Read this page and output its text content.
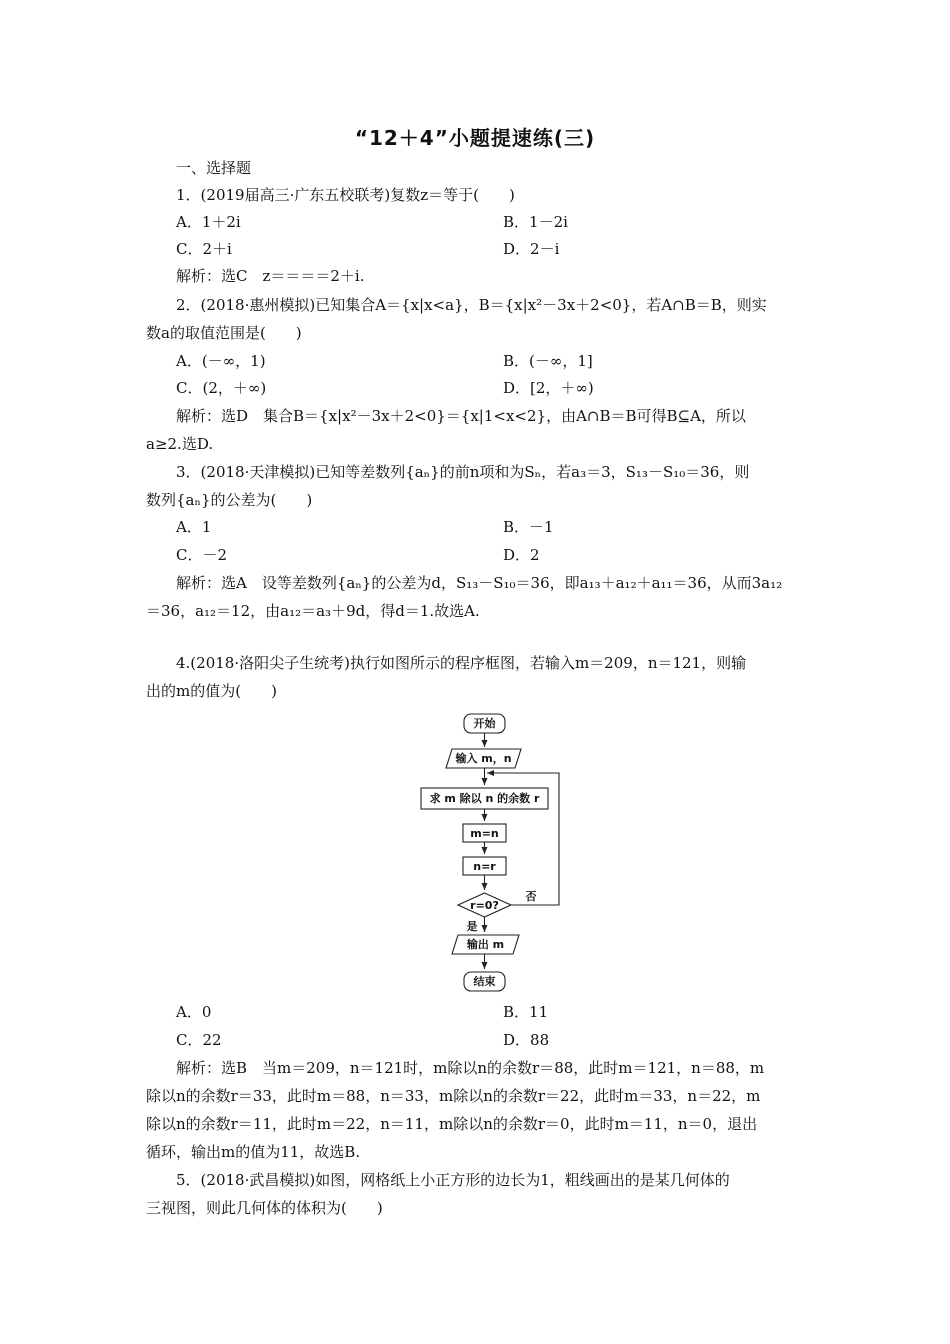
“12＋4”小题提速练(三)
一、选择题
1．(2019届高三·广东五校联考)复数z＝等于(　　)
A．1＋2i	B．1－2i
C．2＋i	D．2－i
解析：选C　z＝＝＝＝2＋i.
2．(2018·惠州模拟)已知集合A＝{x|x<a}，B＝{x|x²－3x＋2<0}，若A∩B＝B，则实
数a的取值范围是(　　)
A．(－∞，1)	B．(－∞，1]
C．(2，＋∞)	D．[2，＋∞)
解析：选D　集合B＝{x|x²－3x＋2<0}＝{x|1<x<2}，由A∩B＝B可得B⊆A，所以
a≥2.选D.
3．(2018·天津模拟)已知等差数列{aₙ}的前n项和为Sₙ，若a₃＝3，S₁₃－S₁₀＝36，则
数列{aₙ}的公差为(　　)
A．1	B．－1
C．－2	D．2
解析：选A　设等差数列{aₙ}的公差为d，S₁₃－S₁₀＝36，即a₁₃＋a₁₂＋a₁₁＝36，从而3a₁₂
＝36，a₁₂＝12，由a₁₂＝a₃＋9d，得d＝1.故选A.
4.(2018·洛阳尖子生统考)执行如图所示的程序框图，若输入m＝209，n＝121，则输
出的m的值为(　　)
开始
输入 m，n
求 m 除以 n 的余数 r
m=n
n=r
r=0?
否
是
输出 m
结束
A．0	B．11
C．22	D．88
解析：选B　当m＝209，n＝121时，m除以n的余数r＝88，此时m＝121，n＝88，m
除以n的余数r＝33，此时m＝88，n＝33，m除以n的余数r＝22，此时m＝33，n＝22，m
除以n的余数r＝11，此时m＝22，n＝11，m除以n的余数r＝0，此时m＝11，n＝0，退出
循环，输出m的值为11，故选B.
5．(2018·武昌模拟)如图，网格纸上小正方形的边长为1，粗线画出的是某几何体的
三视图，则此几何体的体积为(　　)
